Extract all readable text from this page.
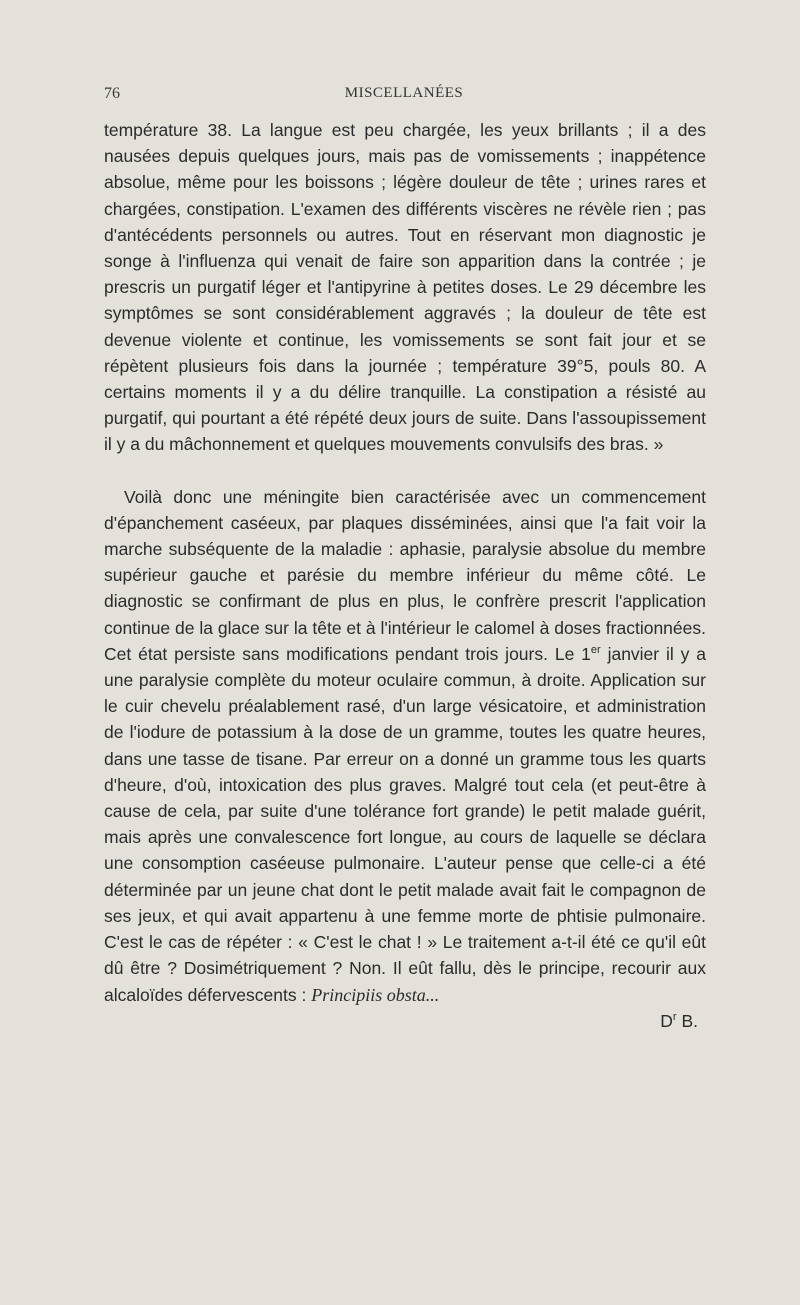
76	MISCELLANÉES

température 38. La langue est peu chargée, les yeux brillants ; il a des nausées depuis quelques jours, mais pas de vomissements ; inappétence absolue, même pour les boissons ; légère douleur de tête ; urines rares et chargées, constipation. L'examen des différents viscères ne révèle rien ; pas d'antécédents personnels ou autres. Tout en réservant mon diagnostic je songe à l'influenza qui venait de faire son apparition dans la contrée ; je prescris un purgatif léger et l'antipyrine à petites doses. Le 29 décembre les symptômes se sont considérablement aggravés ; la douleur de tête est devenue violente et continue, les vomissements se sont fait jour et se répètent plusieurs fois dans la journée ; température 39°5, pouls 80. A certains moments il y a du délire tranquille. La constipation a résisté au purgatif, qui pourtant a été répété deux jours de suite. Dans l'assoupissement il y a du mâchonnement et quelques mouvements convulsifs des bras. »

Voilà donc une méningite bien caractérisée avec un commencement d'épanchement caséeux, par plaques disséminées, ainsi que l'a fait voir la marche subséquente de la maladie : aphasie, paralysie absolue du membre supérieur gauche et parésie du membre inférieur du même côté. Le diagnostic se confirmant de plus en plus, le confrère prescrit l'application continue de la glace sur la tête et à l'intérieur le calomel à doses fractionnées. Cet état persiste sans modifications pendant trois jours. Le 1er janvier il y a une paralysie complète du moteur oculaire commun, à droite. Application sur le cuir chevelu préalablement rasé, d'un large vésicatoire, et administration de l'iodure de potassium à la dose de un gramme, toutes les quatre heures, dans une tasse de tisane. Par erreur on a donné un gramme tous les quarts d'heure, d'où, intoxication des plus graves. Malgré tout cela (et peut-être à cause de cela, par suite d'une tolérance fort grande) le petit malade guérit, mais après une convalescence fort longue, au cours de laquelle se déclara une consomption caséeuse pulmonaire. L'auteur pense que celle-ci a été déterminée par un jeune chat dont le petit malade avait fait le compagnon de ses jeux, et qui avait appartenu à une femme morte de phtisie pulmonaire. C'est le cas de répéter : « C'est le chat ! » Le traitement a-t-il été ce qu'il eût dû être ? Dosimétriquement ? Non. Il eût fallu, dès le principe, recourir aux alcaloïdes défervescents : Principiis obsta...

$D^r$ B.
